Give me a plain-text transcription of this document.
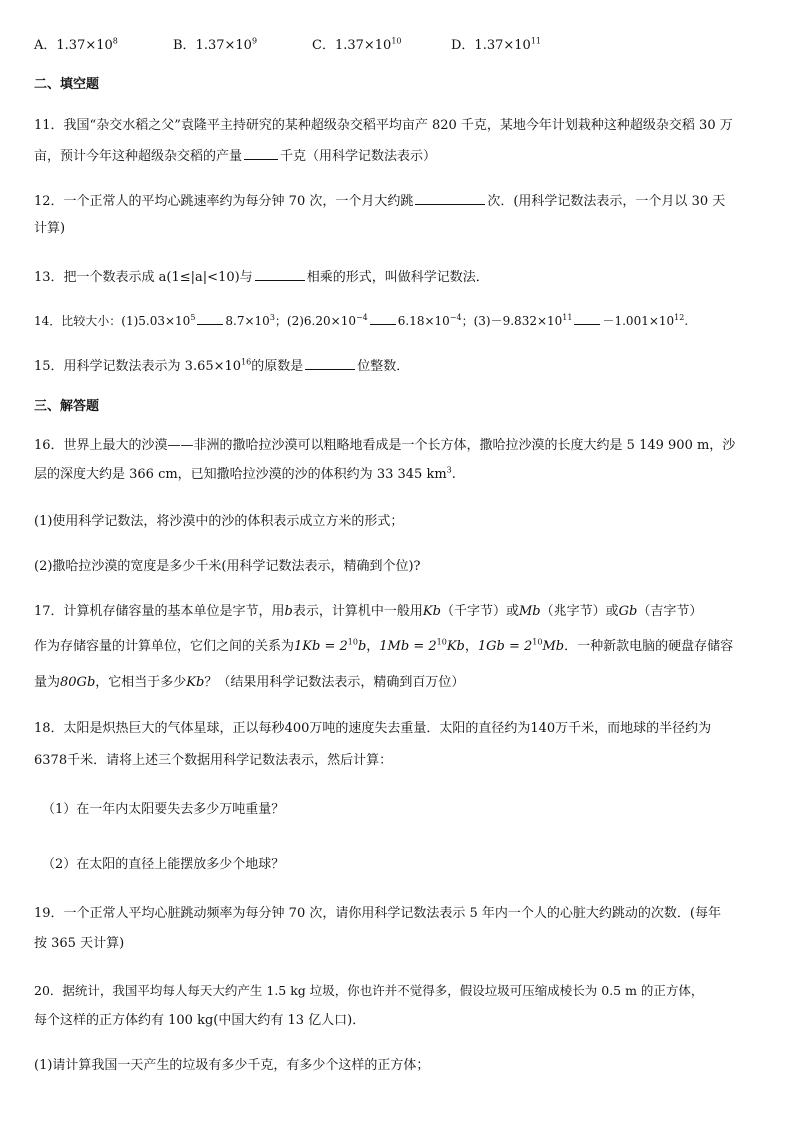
A．$1.37\times 10^8$	B．$1.37\times 10^9$	C．$1.37\times 10^{10}$	D．$1.37\times 10^{11}$
二、填空题
11．我国“杂交水稻之父”袁隆平主持研究的某种超级杂交稻平均亩产 820 千克，某地今年计划栽种这种超级杂交稻 30 万
亩，预计今年这种超级杂交稻的产量	千克（用科学记数法表示）
12．一个正常人的平均心跳速率约为每分钟 70 次，一个月大约跳	次．(用科学记数法表示，一个月以 30 天
计算)
13．把一个数表示成 a(1≤|a|<10)与	相乘的形式，叫做科学记数法．
14．比较大小：$(1)5.03\times 10^5$	$8.7\times 10^3$；$(2)6.20\times 10^{-4}$	$6.18\times 10^{-4}$；$(3)-9.832\times 10^{11}$	$-1.001\times 10^{12}$.
15．用科学记数法表示为 $3.65\times 10^{16}$的原数是	位整数．
三、解答题
16．世界上最大的沙漠——非洲的撒哈拉沙漠可以粗略地看成是一个长方体，撒哈拉沙漠的长度大约是 5 149 900 m，沙
层的深度大约是 366 cm，已知撒哈拉沙漠的沙的体积约为 33 345 $km^3$.
(1)使用科学记数法，将沙漠中的沙的体积表示成立方米的形式；
(2)撒哈拉沙漠的宽度是多少千米(用科学记数法表示，精确到个位)?
17．计算机存储容量的基本单位是字节，用b表示，计算机中一般用Kb（千字节）或Mb（兆字节）或Gb（吉字节）
作为存储容量的计算单位，它们之间的关系为$1Kb = 2^{10}b$，$1Mb = 2^{10}Kb$，$1Gb = 2^{10}Mb$．一种新款电脑的硬盘存储容
量为80Gb，它相当于多少Kb？（结果用科学记数法表示，精确到百万位）
18．太阳是炽热巨大的气体星球，正以每秒400万吨的速度失去重量．太阳的直径约为140万千米，而地球的半径约为
6378千米．请将上述三个数据用科学记数法表示，然后计算：
（1）在一年内太阳要失去多少万吨重量？
（2）在太阳的直径上能摆放多少个地球？
19．一个正常人平均心脏跳动频率为每分钟 70 次，请你用科学记数法表示 5 年内一个人的心脏大约跳动的次数．(每年
按 365 天计算)
20．据统计，我国平均每人每天大约产生 1.5 kg 垃圾，你也许并不觉得多，假设垃圾可压缩成棱长为 0.5 m 的正方体，
每个这样的正方体约有 100 kg(中国大约有 13 亿人口)．
(1)请计算我国一天产生的垃圾有多少千克，有多少个这样的正方体；
